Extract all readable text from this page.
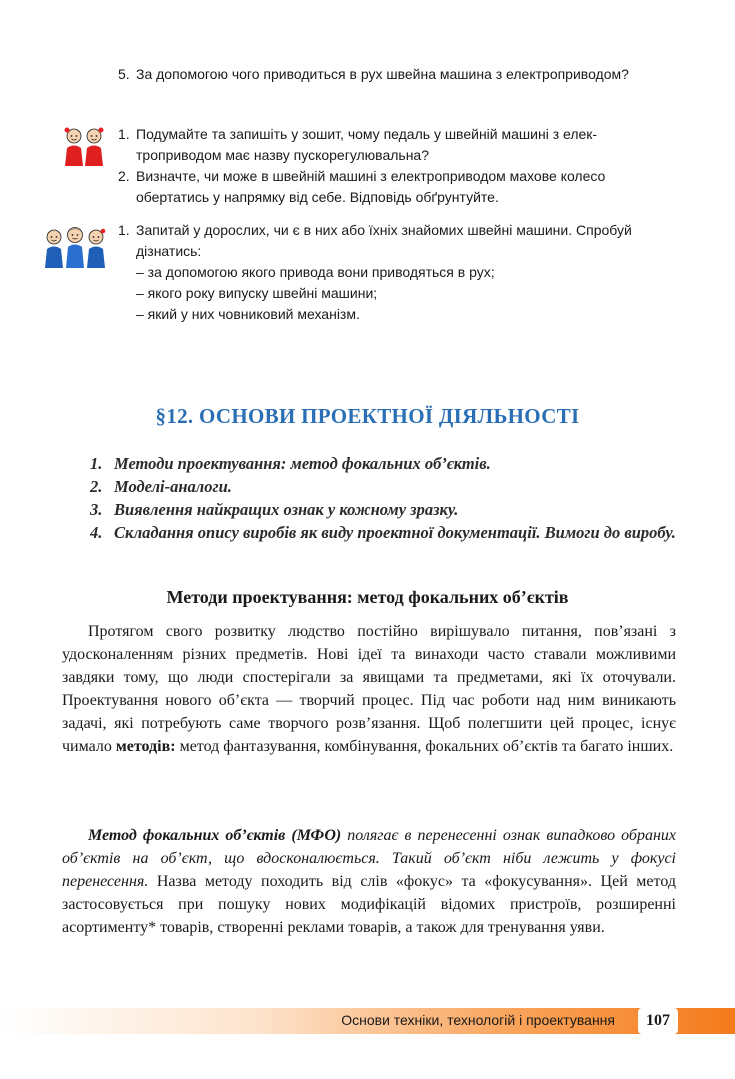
5. За допомогою чого приводиться в рух швейна машина з електроприводом?
1. Подумайте та запишіть у зошит, чому педаль у швейній машині з електроприводом має назву пускорегулювальна?
2. Визначте, чи може в швейній машині з електроприводом махове колесо обертатись у напрямку від себе. Відповідь обґрунтуйте.
1. Запитай у дорослих, чи є в них або їхніх знайомих швейні машини. Спробуй дізнатись:
– за допомогою якого привода вони приводяться в рух;
– якого року випуску швейні машини;
– який у них човниковий механізм.
§12. ОСНОВИ ПРОЕКТНОЇ ДІЯЛЬНОСТІ
1. Методи проектування: метод фокальних об’єктів.
2. Моделі-аналоги.
3. Виявлення найкращих ознак у кожному зразку.
4. Складання опису виробів як виду проектної документації. Вимоги до виробу.
Методи проектування: метод фокальних об’єктів

Протягом свого розвитку людство постійно вирішувало питання, пов’язані з удосконаленням різних предметів. Нові ідеї та винаходи часто ставали можливими завдяки тому, що люди спостерігали за явищами та предметами, які їх оточували. Проектування нового об’єкта — творчий процес. Під час роботи над ним виникають задачі, які потребують саме творчого розв’язання. Щоб полегшити цей процес, існує чимало методів: метод фантазування, комбінування, фокальних об’єктів та багато інших.

Метод фокальних об’єктів (МФО) полягає в перенесенні ознак випадково обраних об’єктів на об’єкт, що вдосконалюється. Такий об’єкт ніби лежить у фокусі перенесення. Назва методу походить від слів «фокус» та «фокусування». Цей метод застосовується при пошуку нових модифікацій відомих пристроїв, розширенні асортименту* товарів, створенні реклами товарів, а також для тренування уяви.

Основи техніки, технологій і проектування	107
